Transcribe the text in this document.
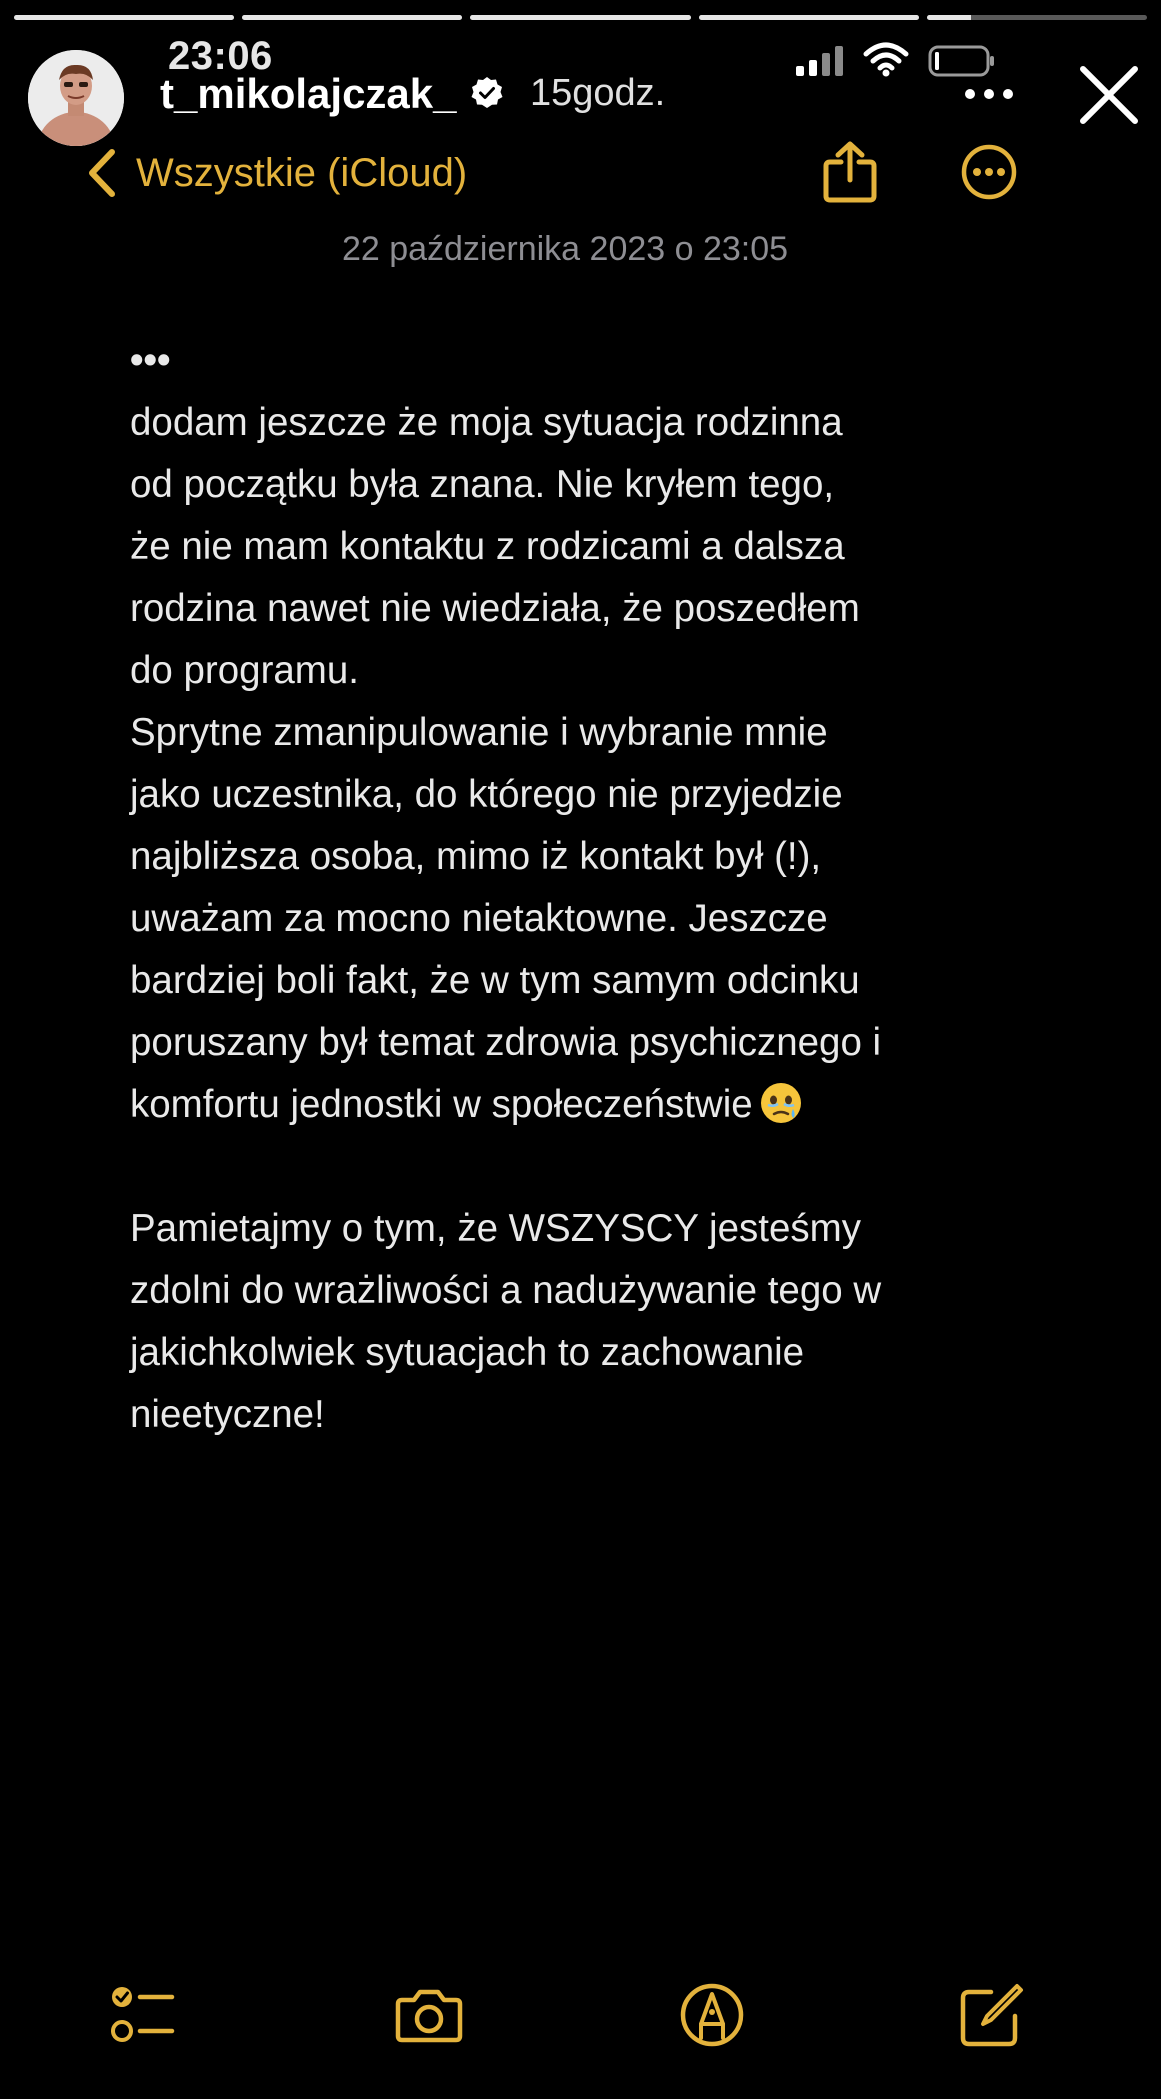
23:06
t_mikolajczak_ 15godz.
Wszystkie (iCloud)
22 października 2023 o 23:05
•••
dodam jeszcze że moja sytuacja rodzinna
od początku była znana. Nie kryłem tego,
że nie mam kontaktu z rodzicami a dalsza
rodzina nawet nie wiedziała, że poszedłem
do programu.
Sprytne zmanipulowanie i wybranie mnie
jako uczestnika, do którego nie przyjedzie
najbliższa osoba, mimo iż kontakt był (!),
uważam za mocno nietaktowne. Jeszcze
bardziej boli fakt, że w tym samym odcinku
poruszany był temat zdrowia psychicznego i
komfortu jednostki w społeczeństwie
Pamietajmy o tym, że WSZYSCY jesteśmy
zdolni do wrażliwości a nadużywanie tego w
jakichkolwiek sytuacjach to zachowanie
nieetyczne!
